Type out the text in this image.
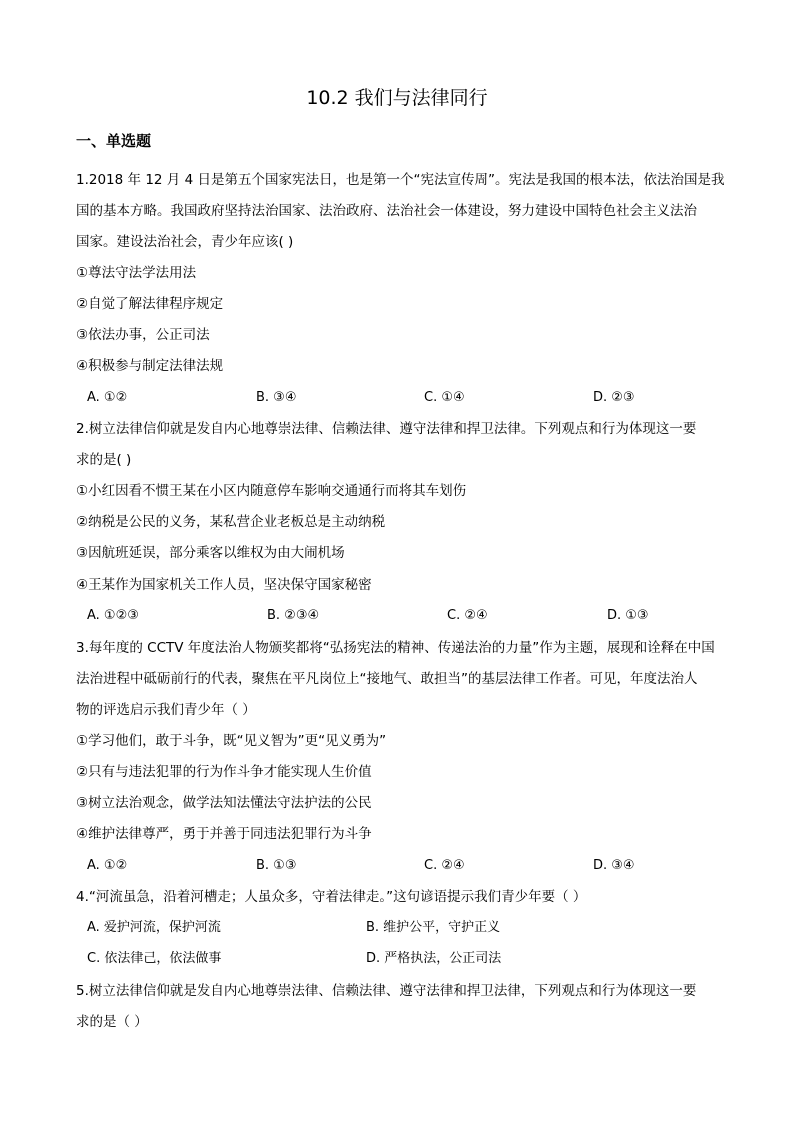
10.2 我们与法律同行
一、单选题
1.2018 年 12 月 4 日是第五个国家宪法日，也是第一个“宪法宣传周”。宪法是我国的根本法，依法治国是我
国的基本方略。我国政府坚持法治国家、法治政府、法治社会一体建设，努力建设中国特色社会主义法治
国家。建设法治社会，青少年应该( )
①尊法守法学法用法
②自觉了解法律程序规定
③依法办事，公正司法
④积极参与制定法律法规
A. ①②	B. ③④	C. ①④	D. ②③
2.树立法律信仰就是发自内心地尊崇法律、信赖法律、遵守法律和捍卫法律。下列观点和行为体现这一要
求的是( )
①小红因看不惯王某在小区内随意停车影响交通通行而将其车划伤
②纳税是公民的义务，某私营企业老板总是主动纳税
③因航班延误，部分乘客以维权为由大闹机场
④王某作为国家机关工作人员，坚决保守国家秘密
A. ①②③	B. ②③④	C. ②④	D. ①③
3.每年度的 CCTV 年度法治人物颁奖都将“弘扬宪法的精神、传递法治的力量”作为主题，展现和诠释在中国
法治进程中砥砺前行的代表，聚焦在平凡岗位上“接地气、敢担当”的基层法律工作者。可见，年度法治人
物的评选启示我们青少年（ ）
①学习他们，敢于斗争，既“见义智为”更“见义勇为”
②只有与违法犯罪的行为作斗争才能实现人生价值
③树立法治观念，做学法知法懂法守法护法的公民
④维护法律尊严，勇于并善于同违法犯罪行为斗争
A. ①②	B. ①③	C. ②④	D. ③④
4.“河流虽急，沿着河槽走；人虽众多，守着法律走。”这句谚语提示我们青少年要（ ）
A. 爱护河流，保护河流	B. 维护公平，守护正义
C. 依法律己，依法做事	D. 严格执法，公正司法
5.树立法律信仰就是发自内心地尊崇法律、信赖法律、遵守法律和捍卫法律，下列观点和行为体现这一要
求的是（ ）
